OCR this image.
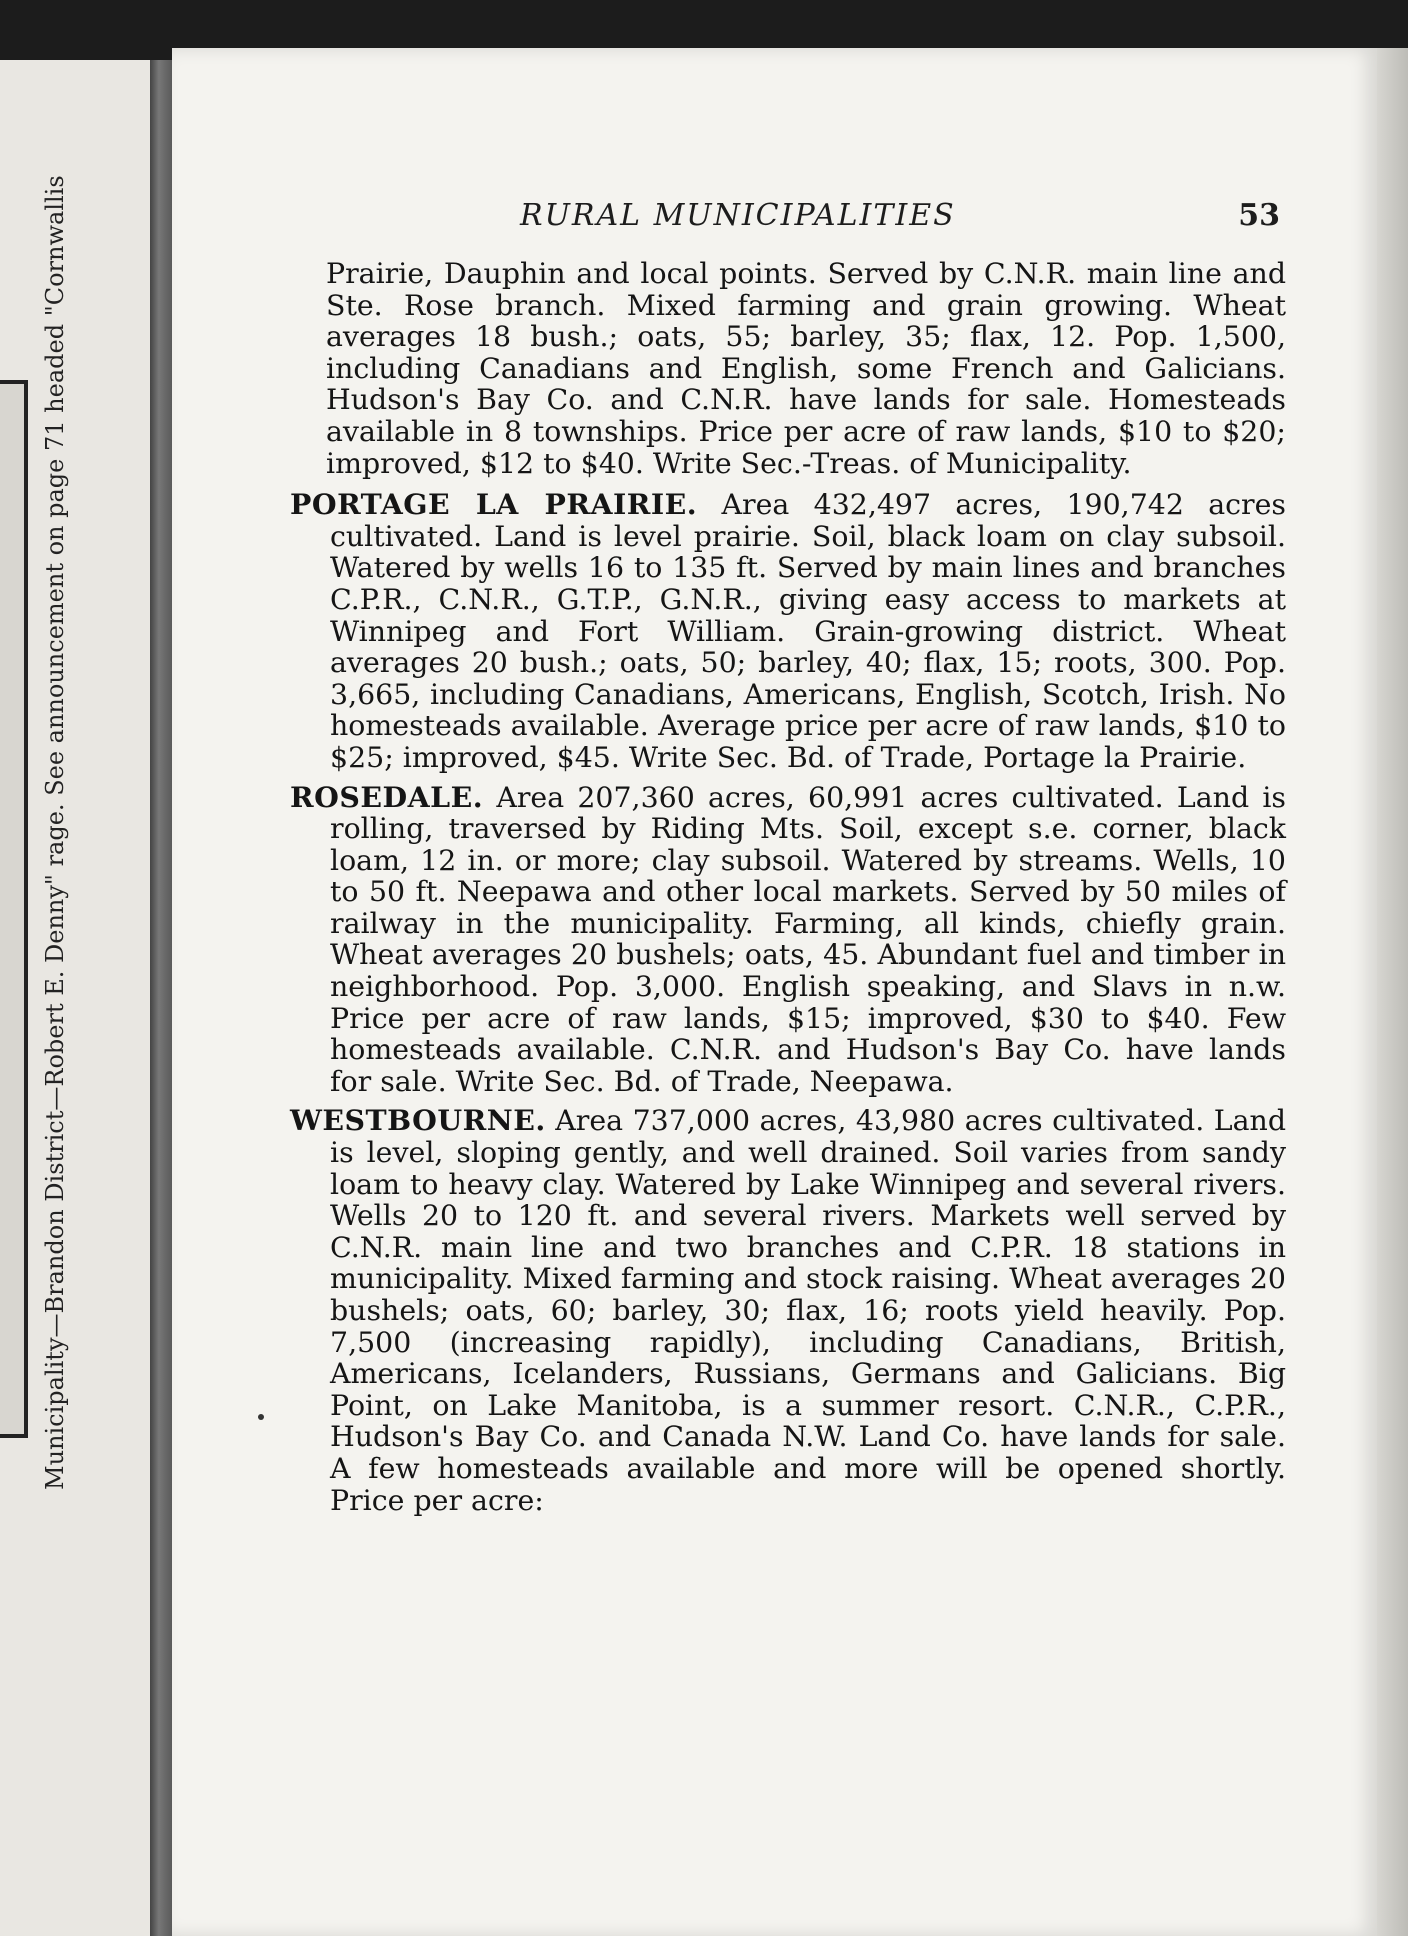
Municipality—Brandon District—Robert E. Denny" rage. See announcement on page 71 headed "Cornwallis	RURAL MUNICIPALITIES	53

Prairie, Dauphin and local points. Served by C.N.R. main line and Ste. Rose branch. Mixed farming and grain growing. Wheat averages 18 bush.; oats, 55; barley, 35; flax, 12. Pop. 1,500, including Canadians and English, some French and Galicians. Hudson's Bay Co. and C.N.R. have lands for sale. Homesteads available in 8 townships. Price per acre of raw lands, $10 to $20; improved, $12 to $40. Write Sec.-Treas. of Municipality.

PORTAGE LA PRAIRIE. Area 432,497 acres, 190,742 acres cultivated. Land is level prairie. Soil, black loam on clay subsoil. Watered by wells 16 to 135 ft. Served by main lines and branches C.P.R., C.N.R., G.T.P., G.N.R., giving easy access to markets at Winnipeg and Fort William. Grain-growing district. Wheat averages 20 bush.; oats, 50; barley, 40; flax, 15; roots, 300. Pop. 3,665, including Canadians, Americans, English, Scotch, Irish. No homesteads available. Average price per acre of raw lands, $10 to $25; improved, $45. Write Sec. Bd. of Trade, Portage la Prairie.

ROSEDALE. Area 207,360 acres, 60,991 acres cultivated. Land is rolling, traversed by Riding Mts. Soil, except s.e. corner, black loam, 12 in. or more; clay subsoil. Watered by streams. Wells, 10 to 50 ft. Neepawa and other local markets. Served by 50 miles of railway in the municipality. Farming, all kinds, chiefly grain. Wheat averages 20 bushels; oats, 45. Abundant fuel and timber in neighborhood. Pop. 3,000. English speaking, and Slavs in n.w. Price per acre of raw lands, $15; improved, $30 to $40. Few homesteads available. C.N.R. and Hudson's Bay Co. have lands for sale. Write Sec. Bd. of Trade, Neepawa.

WESTBOURNE. Area 737,000 acres, 43,980 acres cultivated. Land is level, sloping gently, and well drained. Soil varies from sandy loam to heavy clay. Watered by Lake Winnipeg and several rivers. Wells 20 to 120 ft. and several rivers. Markets well served by C.N.R. main line and two branches and C.P.R. 18 stations in municipality. Mixed farming and stock raising. Wheat averages 20 bushels; oats, 60; barley, 30; flax, 16; roots yield heavily. Pop. 7,500 (increasing rapidly), including Canadians, British, Americans, Icelanders, Russians, Germans and Galicians. Big Point, on Lake Manitoba, is a summer resort. C.N.R., C.P.R., Hudson's Bay Co. and Canada N.W. Land Co. have lands for sale. A few homesteads available and more will be opened shortly. Price per acre:
